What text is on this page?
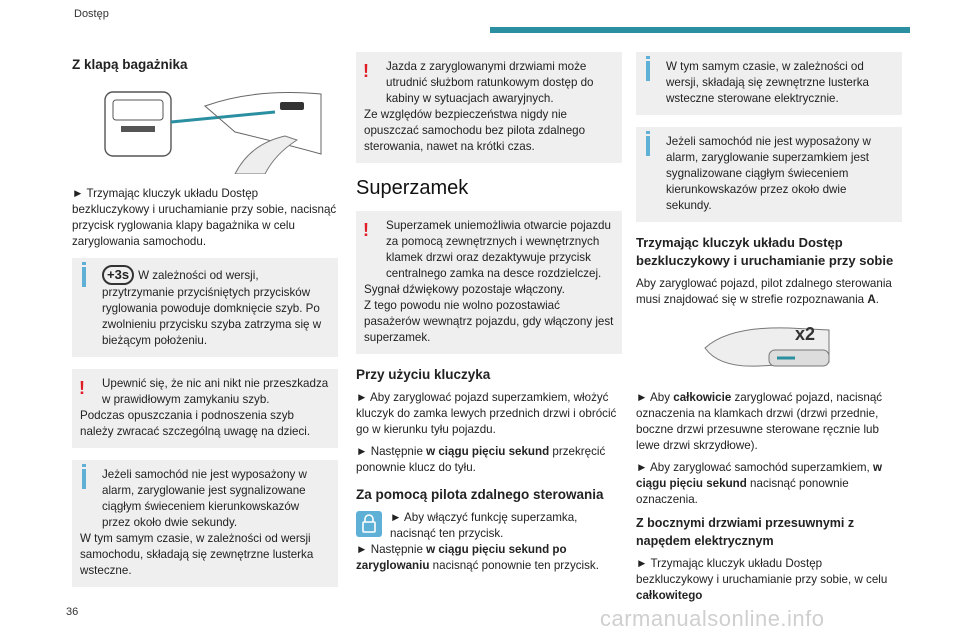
Dostęp
Z klapą bagażnika

► Trzymając kluczyk układu Dostęp bezkluczykowy i uruchamianie przy sobie, nacisnąć przycisk ryglowania klapy bagażnika w celu zaryglowania samochodu.

+3s W zależności od wersji, przytrzymanie przyciśniętych przycisków ryglowania powoduje domknięcie szyb. Po zwolnieniu przycisku szyba zatrzyma się w bieżącym położeniu.
!	Upewnić się, że nic ani nikt nie przeszkadza w prawidłowym zamykaniu szyb.
Podczas opuszczania i podnoszenia szyb należy zwracać szczególną uwagę na dzieci.
Jeżeli samochód nie jest wyposażony w alarm, zaryglowanie jest sygnalizowane ciągłym świeceniem kierunkowskazów przez około dwie sekundy.
W tym samym czasie, w zależności od wersji samochodu, składają się zewnętrzne lusterka wsteczne.
!	Jazda z zaryglowanymi drzwiami może utrudnić służbom ratunkowym dostęp do kabiny w sytuacjach awaryjnych.
Ze względów bezpieczeństwa nigdy nie opuszczać samochodu bez pilota zdalnego sterowania, nawet na krótki czas.
Superzamek
!	Superzamek uniemożliwia otwarcie pojazdu za pomocą zewnętrznych i wewnętrznych klamek drzwi oraz dezaktywuje przycisk centralnego zamka na desce rozdzielczej.
Sygnał dźwiękowy pozostaje włączony.
Z tego powodu nie wolno pozostawiać pasażerów wewnątrz pojazdu, gdy włączony jest superzamek.
Przy użyciu kluczyka

► Aby zaryglować pojazd superzamkiem, włożyć kluczyk do zamka lewych przednich drzwi i obrócić go w kierunku tyłu pojazdu.

► Następnie w ciągu pięciu sekund przekręcić ponownie klucz do tyłu.

Za pomocą pilota zdalnego sterowania
► Aby włączyć funkcję superzamka, nacisnąć ten przycisk.

► Następnie w ciągu pięciu sekund po zaryglowaniu nacisnąć ponownie ten przycisk.

W tym samym czasie, w zależności od wersji, składają się zewnętrzne lusterka wsteczne sterowane elektrycznie.
Jeżeli samochód nie jest wyposażony w alarm, zaryglowanie superzamkiem jest sygnalizowane ciągłym świeceniem kierunkowskazów przez około dwie sekundy.
Trzymając kluczyk układu Dostęp bezkluczykowy i uruchamianie przy sobie

Aby zaryglować pojazd, pilot zdalnego sterowania musi znajdować się w strefie rozpoznawania A.

x2

► Aby całkowicie zaryglować pojazd, nacisnąć oznaczenia na klamkach drzwi (drzwi przednie, boczne drzwi przesuwne sterowane ręcznie lub lewe drzwi skrzydłowe).

► Aby zaryglować samochód superzamkiem, w ciągu pięciu sekund nacisnąć ponownie oznaczenia.

Z bocznymi drzwiami przesuwnymi z napędem elektrycznym

► Trzymając kluczyk układu Dostęp bezkluczykowy i uruchamianie przy sobie, w celu całkowitego

36	carmanualsonline.info
